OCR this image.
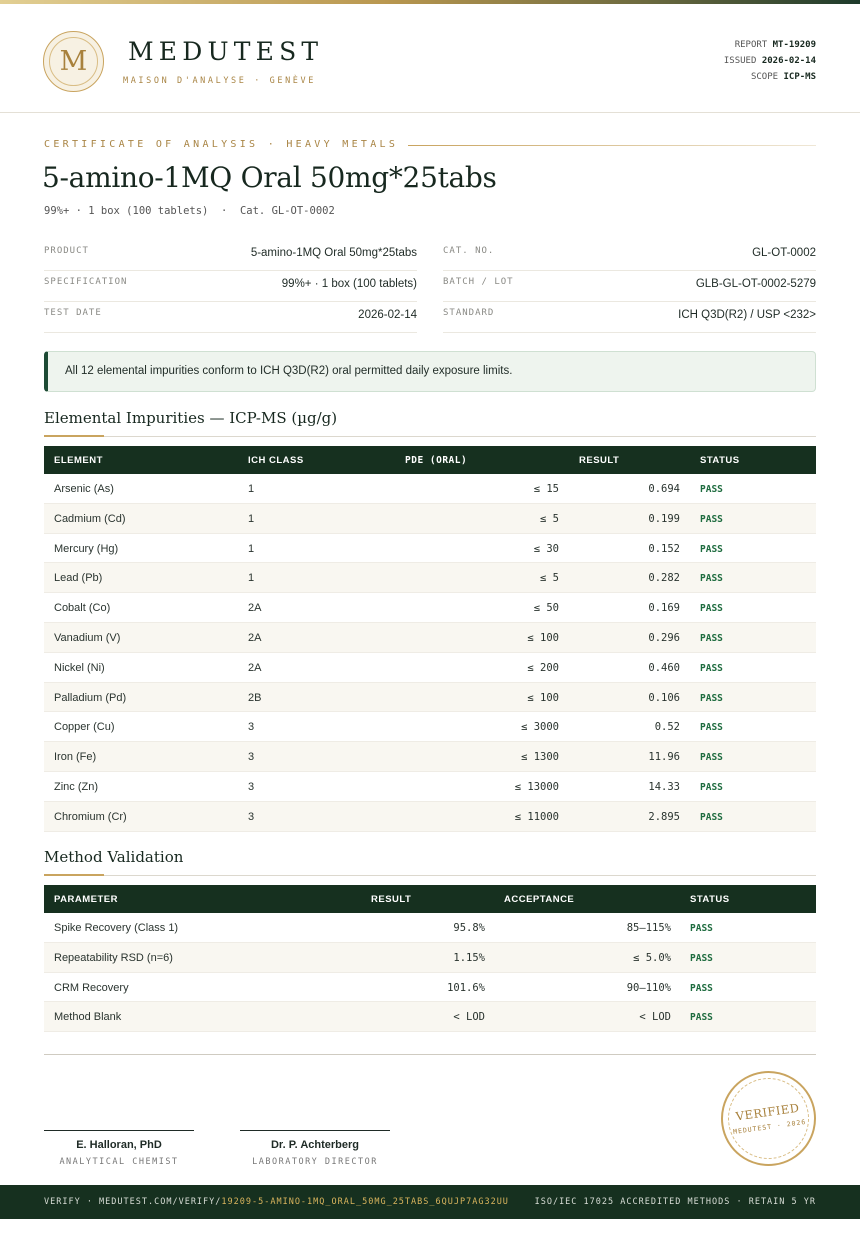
M	MEDUTEST
MAISON D'ANALYSE · GENÈVE
REPORT MT-19209
ISSUED 2026-02-14
SCOPE ICP-MS
CERTIFICATE OF ANALYSIS · HEAVY METALS
5-amino-1MQ Oral 50mg*25tabs
99%+ · 1 box (100 tablets)  ·  Cat. GL-OT-0002
PRODUCT	5-amino-1MQ Oral 50mg*25tabs
SPECIFICATION	99%+ · 1 box (100 tablets)
TEST DATE	2026-02-14
CAT. NO.	GL-OT-0002
BATCH / LOT	GLB-GL-OT-0002-5279
STANDARD	ICH Q3D(R2) / USP <232>
All 12 elemental impurities conform to ICH Q3D(R2) oral permitted daily exposure limits.
Elemental Impurities — ICP-MS (µg/g)
ELEMENT	ICH CLASS	PDE (ORAL)	RESULT	STATUS
Arsenic (As)	1	≤ 15	0.694 PASS
Cadmium (Cd)	1	≤ 5	0.199 PASS
Mercury (Hg)	1	≤ 30	0.152 PASS
Lead (Pb)	1	≤ 5	0.282 PASS
Cobalt (Co)	2A	≤ 50	0.169 PASS
Vanadium (V)	2A	≤ 100	0.296 PASS
Nickel (Ni)	2A	≤ 200	0.460 PASS
Palladium (Pd)	2B	≤ 100	0.106 PASS
Copper (Cu)	3	≤ 3000	0.52 PASS
Iron (Fe)	3	≤ 1300	11.96 PASS
Zinc (Zn)	3	≤ 13000	14.33 PASS
Chromium (Cr)	3	≤ 11000	2.895 PASS
Method Validation
PARAMETER	RESULT	ACCEPTANCE	STATUS
Spike Recovery (Class 1)	95.8%	85–115% PASS
Repeatability RSD (n=6)	1.15%	≤ 5.0% PASS
CRM Recovery	101.6%	90–110% PASS
Method Blank	< LOD	< LOD PASS
E. Halloran, PhD
ANALYTICAL CHEMIST
Dr. P. Achterberg
LABORATORY DIRECTOR
VERIFIED
MEDUTEST · 2026
VERIFY · MEDUTEST.COM/VERIFY/19209-5-AMINO-1MQ_ORAL_50MG_25TABS_6QUJP7AG32UU	ISO/IEC 17025 ACCREDITED METHODS · RETAIN 5 YR
